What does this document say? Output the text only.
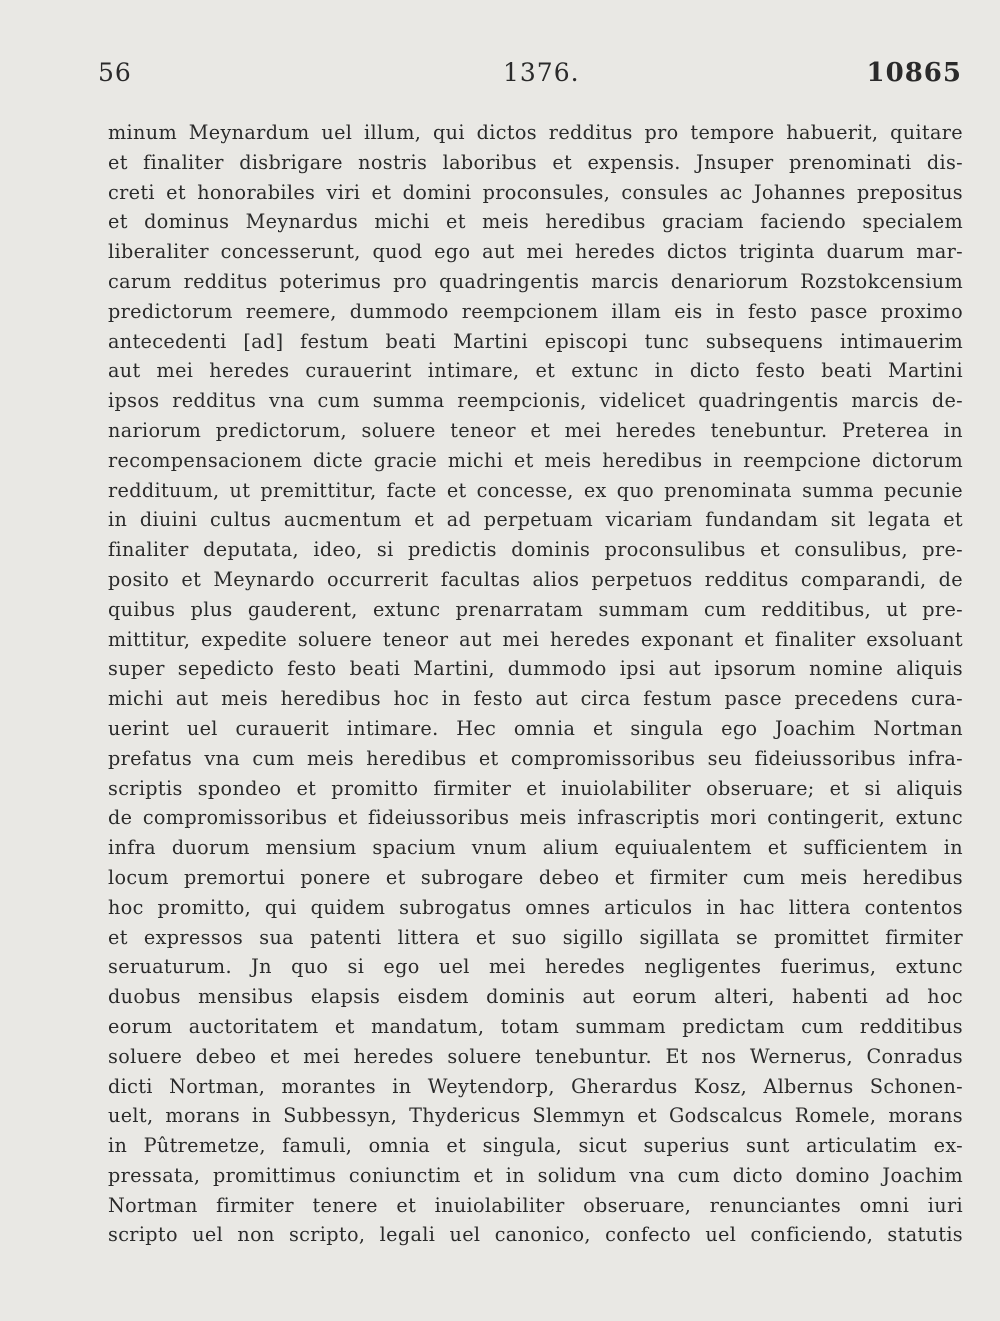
56	1376.	10865
minum Meynardum uel illum, qui dictos redditus pro tempore habuerit, quitare
et finaliter disbrigare nostris laboribus et expensis. Jnsuper prenominati dis-
creti et honorabiles viri et domini proconsules, consules ac Johannes prepositus
et dominus Meynardus michi et meis heredibus graciam faciendo specialem
liberaliter concesserunt, quod ego aut mei heredes dictos triginta duarum mar-
carum redditus poterimus pro quadringentis marcis denariorum Rozstokcensium
predictorum reemere, dummodo reempcionem illam eis in festo pasce proximo
antecedenti [ad] festum beati Martini episcopi tunc subsequens intimauerim
aut mei heredes curauerint intimare, et extunc in dicto festo beati Martini
ipsos redditus vna cum summa reempcionis, videlicet quadringentis marcis de-
nariorum predictorum, soluere teneor et mei heredes tenebuntur. Preterea in
recompensacionem dicte gracie michi et meis heredibus in reempcione dictorum
reddituum, ut premittitur, facte et concesse, ex quo prenominata summa pecunie
in diuini cultus aucmentum et ad perpetuam vicariam fundandam sit legata et
finaliter deputata, ideo, si predictis dominis proconsulibus et consulibus, pre-
posito et Meynardo occurrerit facultas alios perpetuos redditus comparandi, de
quibus plus gauderent, extunc prenarratam summam cum redditibus, ut pre-
mittitur, expedite soluere teneor aut mei heredes exponant et finaliter exsoluant
super sepedicto festo beati Martini, dummodo ipsi aut ipsorum nomine aliquis
michi aut meis heredibus hoc in festo aut circa festum pasce precedens cura-
uerint uel curauerit intimare. Hec omnia et singula ego Joachim Nortman
prefatus vna cum meis heredibus et compromissoribus seu fideiussoribus infra-
scriptis spondeo et promitto firmiter et inuiolabiliter obseruare; et si aliquis
de compromissoribus et fideiussoribus meis infrascriptis mori contingerit, extunc
infra duorum mensium spacium vnum alium equiualentem et sufficientem in
locum premortui ponere et subrogare debeo et firmiter cum meis heredibus
hoc promitto, qui quidem subrogatus omnes articulos in hac littera contentos
et expressos sua patenti littera et suo sigillo sigillata se promittet firmiter
seruaturum. Jn quo si ego uel mei heredes negligentes fuerimus, extunc
duobus mensibus elapsis eisdem dominis aut eorum alteri, habenti ad hoc
eorum auctoritatem et mandatum, totam summam predictam cum redditibus
soluere debeo et mei heredes soluere tenebuntur. Et nos Wernerus, Conradus
dicti Nortman, morantes in Weytendorp, Gherardus Kosz, Albernus Schonen-
uelt, morans in Subbessyn, Thydericus Slemmyn et Godscalcus Romele, morans
in Pûtremetze, famuli, omnia et singula, sicut superius sunt articulatim ex-
pressata, promittimus coniunctim et in solidum vna cum dicto domino Joachim
Nortman firmiter tenere et inuiolabiliter obseruare, renunciantes omni iuri
scripto uel non scripto, legali uel canonico, confecto uel conficiendo, statutis
